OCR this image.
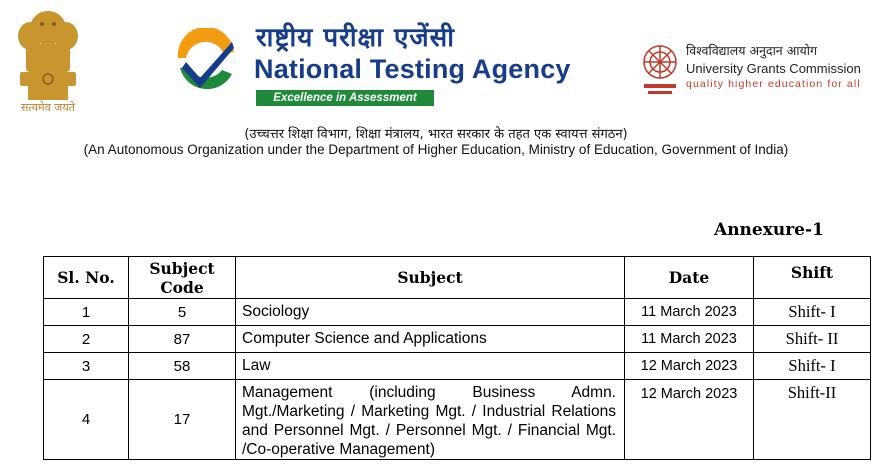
सत्यमेव जयते
राष्ट्रीय परीक्षा एजेंसी
National Testing Agency
Excellence in Assessment
विश्वविद्यालय अनुदान आयोग
University Grants Commission
quality higher education for all
(उच्चत्तर शिक्षा विभाग, शिक्षा मंत्रालय, भारत सरकार के तहत एक स्वायत्त संगठन)
(An Autonomous Organization under the Department of Higher Education, Ministry of Education, Government of India)
Annexure-1
Sl. No.	Subject Code	Subject	Date	Shift
1	5	Sociology	11 March 2023	Shift- I
2	87	Computer Science and Applications	11 March 2023	Shift- II
3	58	Law	12 March 2023	Shift- I
4	17	Management (including Business Admn. Mgt./Marketing / Marketing Mgt. / Industrial Relations and Personnel Mgt. / Personnel Mgt. / Financial Mgt. /Co-operative Management)	12 March 2023	Shift-II
